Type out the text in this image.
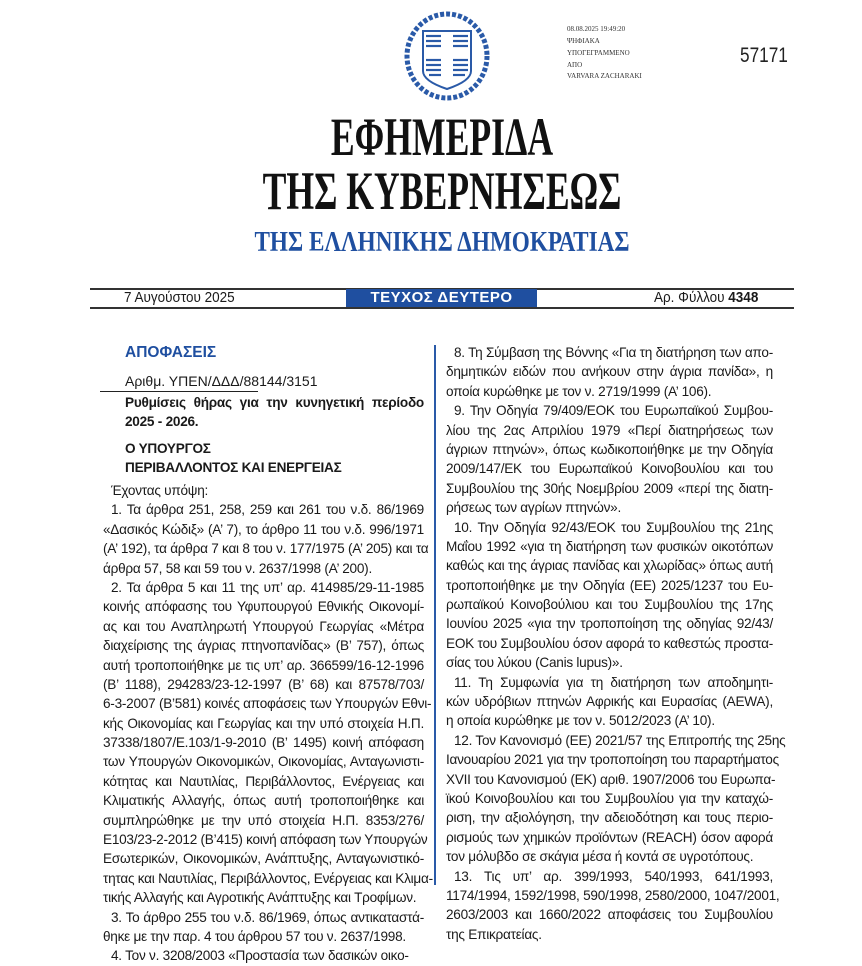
08.08.2025 19:49:20
ΨΗΦΙΑΚΑ
ΥΠΟΓΕΓΡΑΜΜΕΝΟ
ΑΠΟ
VARVARA ZACHARAKI
57171
ΕΦΗΜΕΡΙΔΑ
ΤΗΣ ΚΥΒΕΡΝΗΣΕΩΣ
ΤΗΣ ΕΛΛΗΝΙΚΗΣ ΔΗΜΟΚΡΑΤΙΑΣ
7 Αυγούστου 2025	ΤΕΥΧΟΣ ΔΕΥΤΕΡΟ	Αρ. Φύλλου 4348
ΑΠΟΦΑΣΕΙΣ
Αριθμ. ΥΠΕΝ/ΔΔΔ/88144/3151
Ρυθμίσεις θήρας για την κυνηγετική περίοδο
2025 - 2026.
Ο ΥΠΟΥΡΓΟΣ
ΠΕΡΙΒΑΛΛΟΝΤΟΣ ΚΑΙ ΕΝΕΡΓΕΙΑΣ
Έχοντας υπόψη:
1. Τα άρθρα 251, 258, 259 και 261 του ν.δ. 86/1969
«Δασικός Κώδιξ» (Α’ 7), το άρθρο 11 του ν.δ. 996/1971
(Α’ 192), τα άρθρα 7 και 8 του ν. 177/1975 (Α’ 205) και τα
άρθρα 57, 58 και 59 του ν. 2637/1998 (Α’ 200).
2. Τα άρθρα 5 και 11 της υπ’ αρ. 414985/29-11-1985
κοινής απόφασης του Υφυπουργού Εθνικής Οικονομί-
ας και του Αναπληρωτή Υπουργού Γεωργίας «Μέτρα
διαχείρισης της άγριας πτηνοπανίδας» (Β’ 757), όπως
αυτή τροποποιήθηκε με τις υπ’ αρ. 366599/16-12-1996
(Β’ 1188), 294283/23-12-1997 (Β’ 68) και 87578/703/
6-3-2007 (Β’581) κοινές αποφάσεις των Υπουργών Εθνι-
κής Οικονομίας και Γεωργίας και την υπό στοιχεία Η.Π.
37338/1807/Ε.103/1-9-2010 (Β’ 1495) κοινή απόφαση
των Υπουργών Οικονομικών, Οικονομίας, Ανταγωνιστι-
κότητας και Ναυτιλίας, Περιβάλλοντος, Ενέργειας και
Κλιματικής Αλλαγής, όπως αυτή τροποποιήθηκε και
συμπληρώθηκε με την υπό στοιχεία Η.Π. 8353/276/
Ε103/23-2-2012 (Β’415) κοινή απόφαση των Υπουργών
Εσωτερικών, Οικονομικών, Ανάπτυξης, Ανταγωνιστικό-
τητας και Ναυτιλίας, Περιβάλλοντος, Ενέργειας και Κλιμα-
τικής Αλλαγής και Αγροτικής Ανάπτυξης και Τροφίμων.
3. Το άρθρο 255 του ν.δ. 86/1969, όπως αντικαταστά-
θηκε με την παρ. 4 του άρθρου 57 του ν. 2637/1998.
4. Τον ν. 3208/2003 «Προστασία των δασικών οικο-
8. Τη Σύμβαση της Βόννης «Για τη διατήρηση των απο-
δημητικών ειδών που ανήκουν στην άγρια πανίδα», η
οποία κυρώθηκε με τον ν. 2719/1999 (Α’ 106).
9. Την Οδηγία 79/409/ΕΟΚ του Ευρωπαϊκού Συμβου-
λίου της 2ας Απριλίου 1979 «Περί διατηρήσεως των
άγριων πτηνών», όπως κωδικοποιήθηκε με την Οδηγία
2009/147/ΕΚ του Ευρωπαϊκού Κοινοβουλίου και του
Συμβουλίου της 30ής Νοεμβρίου 2009 «περί της διατη-
ρήσεως των αγρίων πτηνών».
10. Την Οδηγία 92/43/ΕΟΚ του Συμβουλίου της 21ης
Μαΐου 1992 «για τη διατήρηση των φυσικών οικοτόπων
καθώς και της άγριας πανίδας και χλωρίδας» όπως αυτή
τροποποιήθηκε με την Οδηγία (ΕΕ) 2025/1237 του Ευ-
ρωπαϊκού Κοινοβούλιου και του Συμβουλίου της 17ης
Ιουνίου 2025 «για την τροποποίηση της οδηγίας 92/43/
ΕΟΚ του Συμβουλίου όσον αφορά το καθεστώς προστα-
σίας του λύκου (Canis lupus)».
11. Τη Συμφωνία για τη διατήρηση των αποδημητι-
κών υδρόβιων πτηνών Αφρικής και Ευρασίας (AEWA),
η οποία κυρώθηκε με τον ν. 5012/2023 (Α’ 10).
12. Τον Κανονισμό (ΕΕ) 2021/57 της Επιτροπής της 25ης
Ιανουαρίου 2021 για την τροποποίηση του παραρτήματος
XVII του Κανονισμού (ΕΚ) αριθ. 1907/2006 του Ευρωπα-
ϊκού Κοινοβουλίου και του Συμβουλίου για την καταχώ-
ριση, την αξιολόγηση, την αδειοδότηση και τους περιο-
ρισμούς των χημικών προϊόντων (REACH) όσον αφορά
τον μόλυβδο σε σκάγια μέσα ή κοντά σε υγροτόπους.
13. Τις υπ’ αρ. 399/1993, 540/1993, 641/1993,
1174/1994, 1592/1998, 590/1998, 2580/2000, 1047/2001,
2603/2003 και 1660/2022 αποφάσεις του Συμβουλίου
της Επικρατείας.
